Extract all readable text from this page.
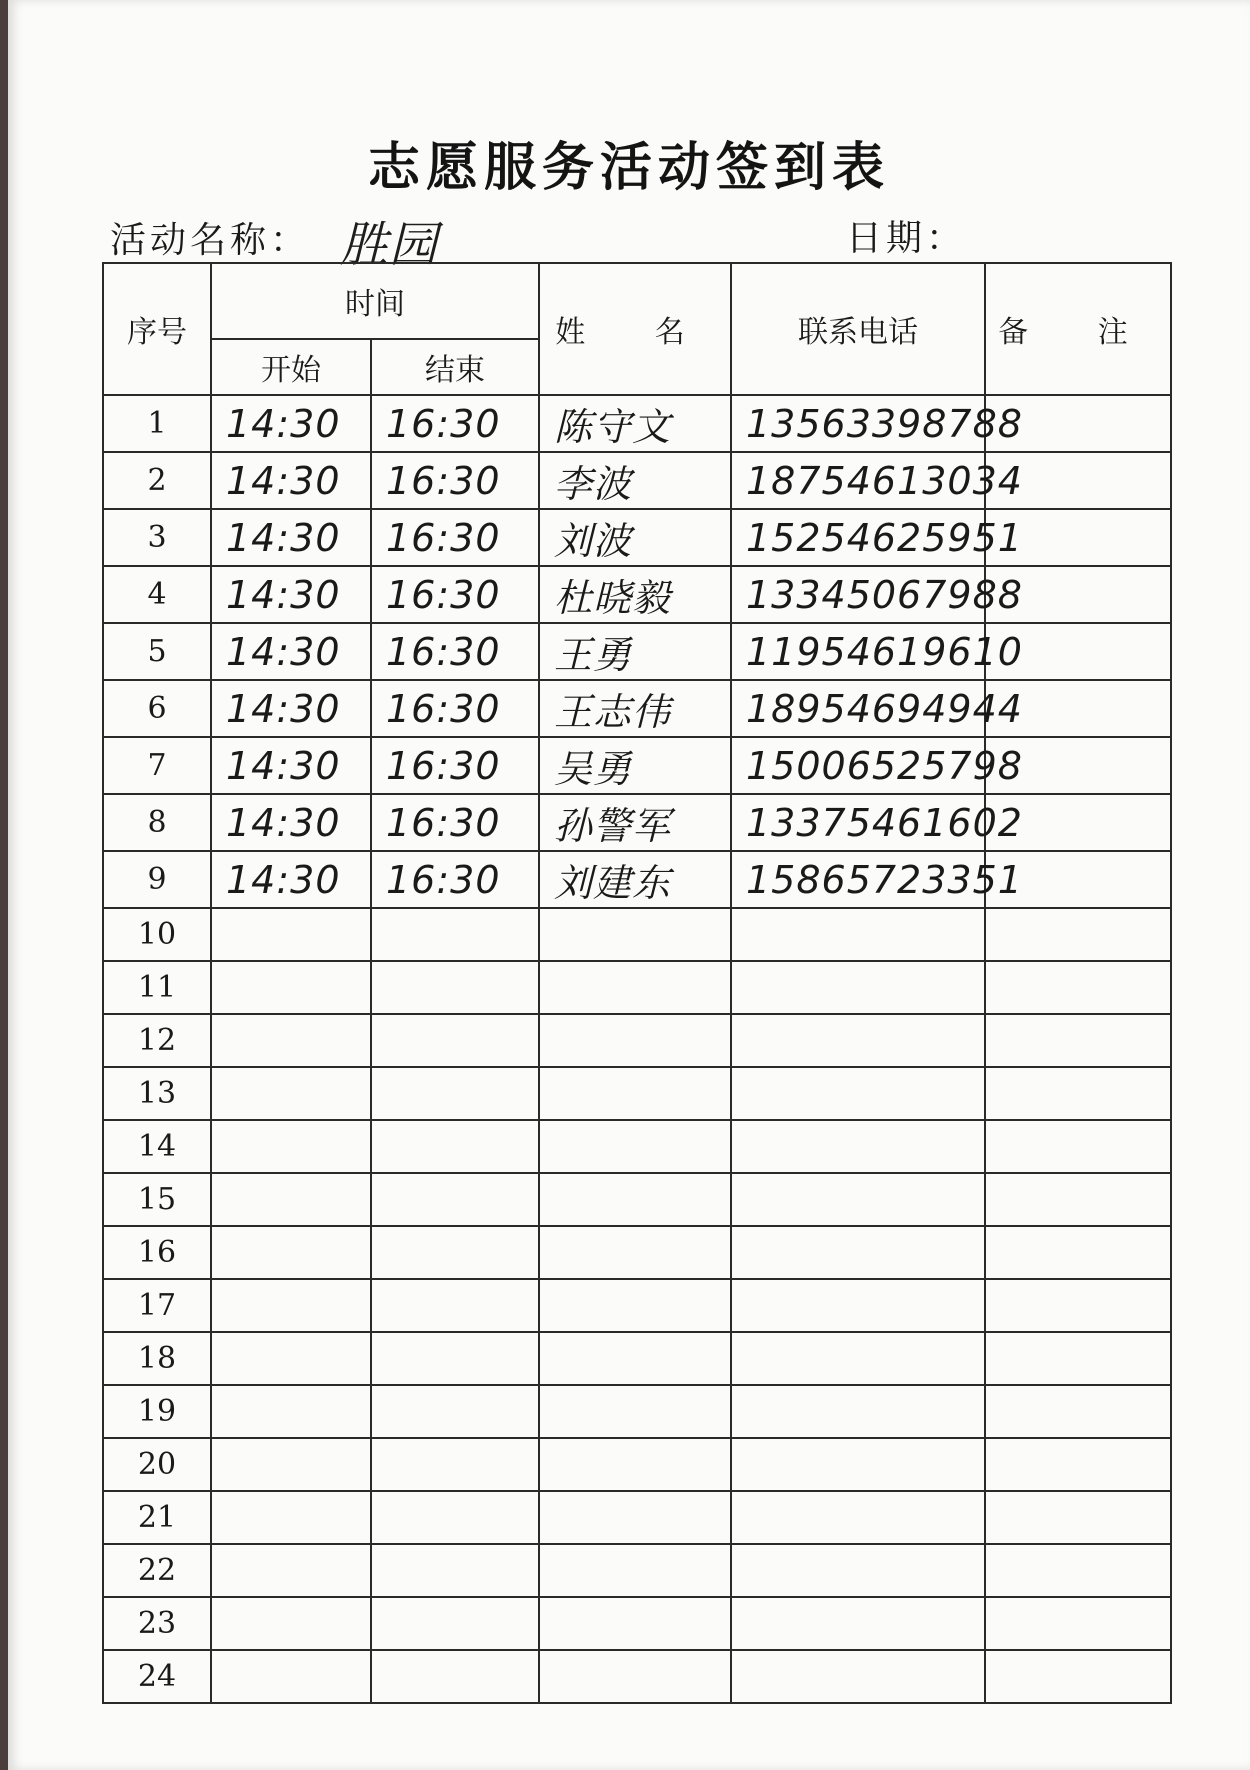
志愿服务活动签到表
活动名称： 胜园	日期：
序号	时间		姓 名	联系电话	备 注
	开始	结束			
1	14:30	16:30	陈守文	13563398788	
2	14:30	16:30	李波	18754613034	
3	14:30	16:30	刘波	15254625951	
4	14:30	16:30	杜晓毅	13345067988	
5	14:30	16:30	王勇	11954619610	
6	14:30	16:30	王志伟	18954694944	
7	14:30	16:30	吴勇	15006525798	
8	14:30	16:30	孙警军	13375461602	
9	14:30	16:30	刘建东	15865723351	
10					
11					
12					
13					
14					
15					
16					
17					
18					
19					
20					
21					
22					
23					
24					
